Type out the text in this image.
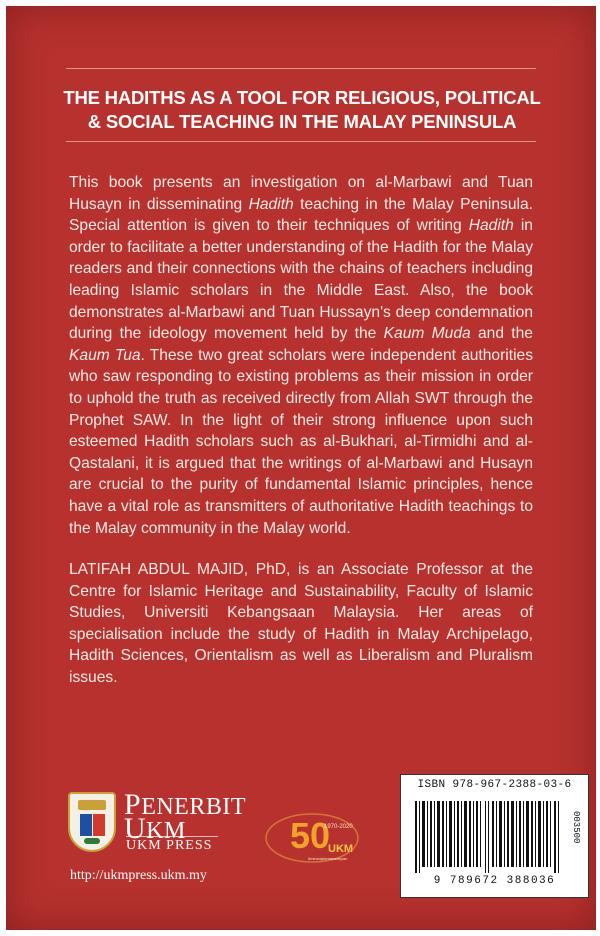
THE HADITHS AS A TOOL FOR RELIGIOUS, POLITICAL
& SOCIAL TEACHING IN THE MALAY PENINSULA

This book presents an investigation on al-Marbawi and Tuan Husayn in disseminating Hadith teaching in the Malay Peninsula. Special attention is given to their techniques of writing Hadith in order to facilitate a better understanding of the Hadith for the Malay readers and their connections with the chains of teachers including leading Islamic scholars in the Middle East. Also, the book demonstrates al-Marbawi and Tuan Hussayn's deep condemnation during the ideology movement held by the Kaum Muda and the Kaum Tua. These two great scholars were independent authorities who saw responding to existing problems as their mission in order to uphold the truth as received directly from Allah SWT through the Prophet SAW. In the light of their strong influence upon such esteemed Hadith scholars such as al-Bukhari, al-Tirmidhi and al-Qastalani, it is argued that the writings of al-Marbawi and Husayn are crucial to the purity of fundamental Islamic principles, hence have a vital role as transmitters of authoritative Hadith teachings to the Malay community in the Malay world.

LATIFAH ABDUL MAJID, PhD, is an Associate Professor at the Centre for Islamic Heritage and Sustainability, Faculty of Islamic Studies, Universiti Kebangsaan Malaysia. Her areas of specialisation include the study of Hadith in Malay Archipelago, Hadith Sciences, Orientalism as well as Liberalism and Pluralism issues.

PENERBIT
UKM
UKM PRESS
http://ukmpress.ukm.my
50
1970-2020
UKM
#menciptamasadepan
ISBN 978-967-2388-03-6
003500
9 789672 388036
